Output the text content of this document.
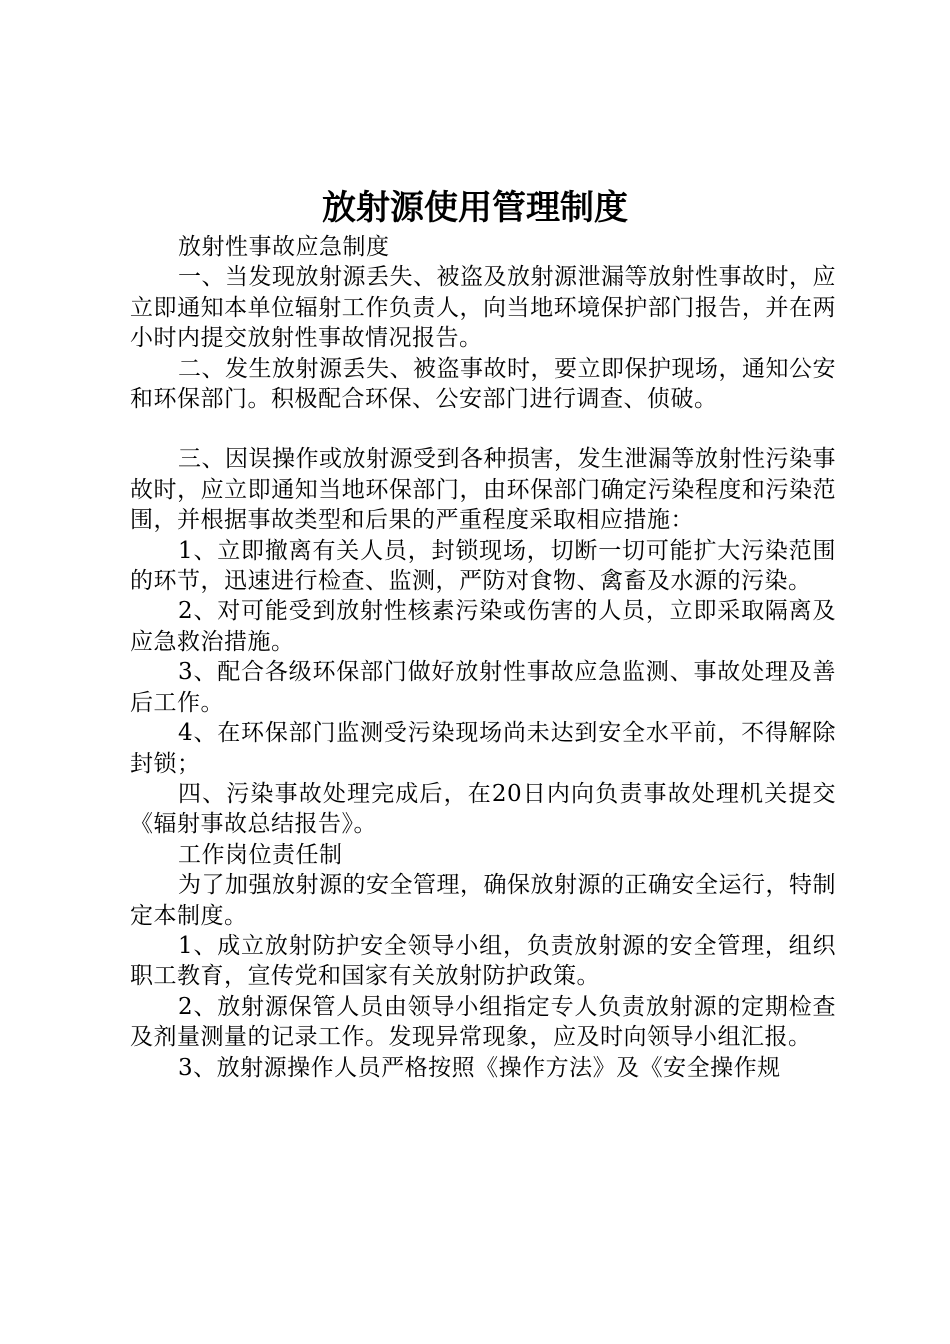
放射源使用管理制度

放射性事故应急制度

一、当发现放射源丢失、被盗及放射源泄漏等放射性事故时，应立即通知本单位辐射工作负责人，向当地环境保护部门报告，并在两小时内提交放射性事故情况报告。

二、发生放射源丢失、被盗事故时，要立即保护现场，通知公安和环保部门。积极配合环保、公安部门进行调查、侦破。

三、因误操作或放射源受到各种损害，发生泄漏等放射性污染事故时，应立即通知当地环保部门，由环保部门确定污染程度和污染范围，并根据事故类型和后果的严重程度采取相应措施：

1、立即撤离有关人员，封锁现场，切断一切可能扩大污染范围的环节，迅速进行检查、监测，严防对食物、禽畜及水源的污染。

2、对可能受到放射性核素污染或伤害的人员，立即采取隔离及应急救治措施。

3、配合各级环保部门做好放射性事故应急监测、事故处理及善后工作。

4、在环保部门监测受污染现场尚未达到安全水平前，不得解除封锁；

四、污染事故处理完成后，在20日内向负责事故处理机关提交《辐射事故总结报告》。

工作岗位责任制

为了加强放射源的安全管理，确保放射源的正确安全运行，特制定本制度。

1、成立放射防护安全领导小组，负责放射源的安全管理，组织职工教育，宣传党和国家有关放射防护政策。

2、放射源保管人员由领导小组指定专人负责放射源的定期检查及剂量测量的记录工作。发现异常现象，应及时向领导小组汇报。

3、放射源操作人员严格按照《操作方法》及《安全操作规
